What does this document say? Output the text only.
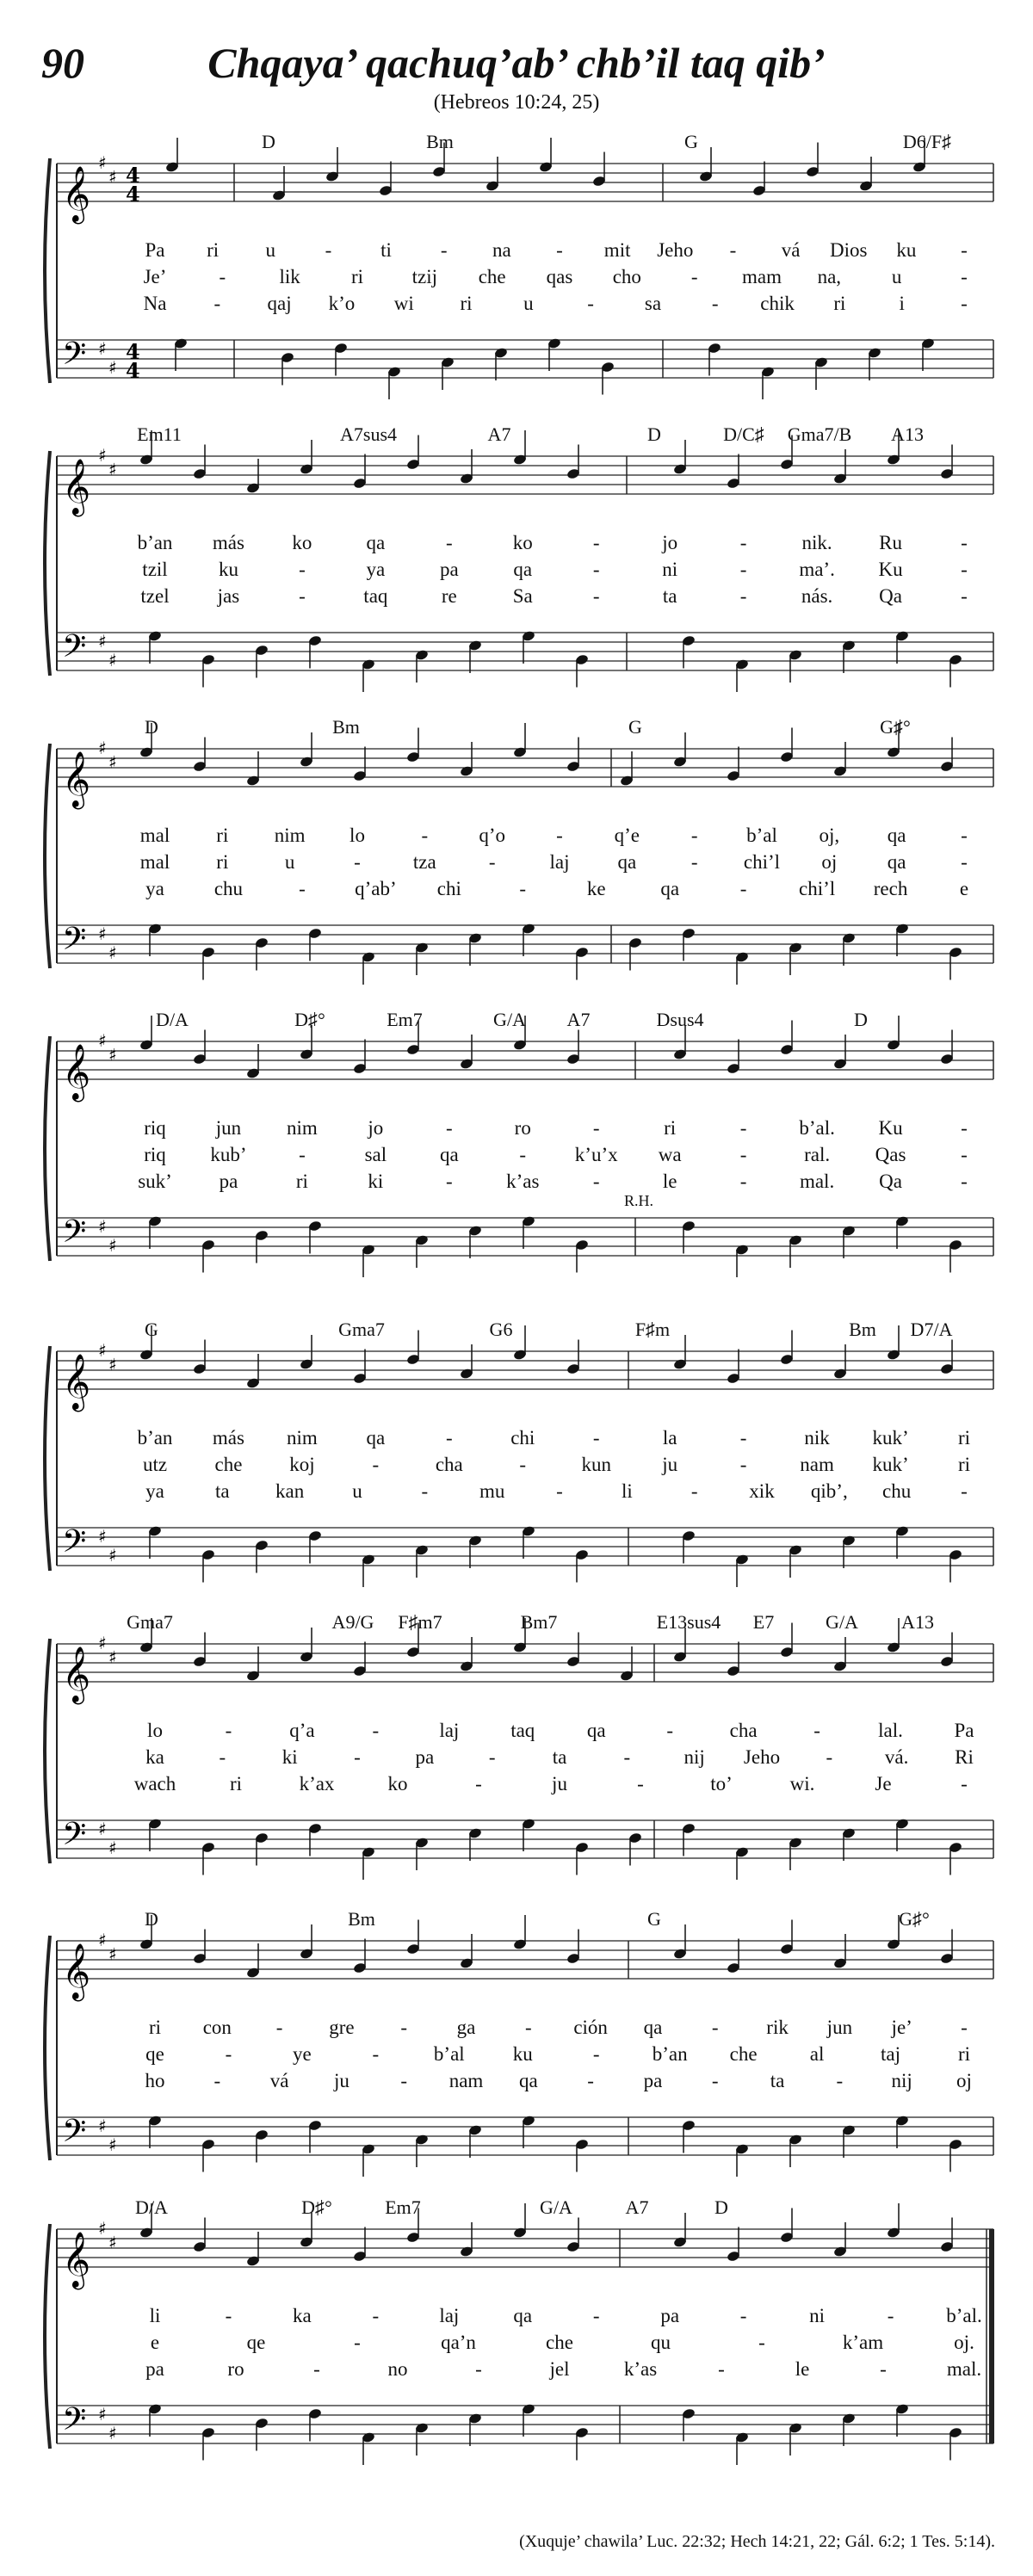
90	Chqaya’ qachuq’ab’ chb’il taq qib’
(Hebreos 10:24, 25)
𝄞
𝄢
♯
♯
♯
♯
4
4
4
4
D	Bm	G	D6/F♯
Pa ri u	- ti - na - mit Jeho - vá Dios ku -
Je’	-	lik	ri tzij che qas cho	- mam na,	u	-
Na - qaj k’o wi ri	u	-	sa	- chik ri	i	-
𝄞
𝄢
♯
♯
♯
♯
Em11	A7sus4	A7	D	D/C♯ Gma7/B A13
b’an más ko	qa	-	ko	-	jo	-	nik. Ru	-
tzil	ku	-	ya	pa	qa	-	ni	-	ma’. Ku	-
tzel jas	-	taq	re	Sa	-	ta	-	nás. Qa	-
𝄞
𝄢
♯
♯
♯
♯
D	Bm	G	G♯°
mal ri nim lo	-	q’o	-	q’e	- b’al oj, qa	-
mal ri	u	-	tza	-	laj qa	- chi’l oj	qa	-
ya	chu	- q’ab’ chi	-	ke	qa	-	chi’l rech	e
𝄞
𝄢
♯
♯
♯
♯
D/A	D♯°	Em7	G/A A7	Dsus4	D
R.H.
riq	jun nim	jo	-	ro	-	ri	-	b’al. Ku	-
riq kub’	-	sal	qa	- k’u’x wa	-	ral. Qas	-
suk’ pa	ri	ki	-	k’as	-	le	-	mal. Qa	-
𝄞
𝄢
♯
♯
♯
♯
G	Gma7	G6	F♯m	Bm D7/A
b’an más nim qa	-	chi	-	la	-	nik kuk’ ri
utz che koj	-	cha	-	kun	ju	-	nam kuk’ ri
ya	ta kan u	-	mu	-	li	-	xik qib’, chu	-
𝄞
𝄢
♯
♯
♯
♯
Gma7	A9/G F♯m7	Bm7	E13sus4 E7	G/A A13
lo	-	q’a	-	laj	taq	qa	-	cha	-	lal.	Pa
ka	-	ki	-	pa	-	ta	-	nij Jeho -	vá. Ri
wach	ri	k’ax	ko	-	ju	-	to’	wi.	Je	-
𝄞
𝄢
♯
♯
♯
♯
D	Bm	G	G♯°
ri con - gre -	ga	- ción qa	- rik jun je’ -
qe	-	ye	-	b’al ku	-	b’an che	al	taj	ri
ho -	vá ju	- nam qa	-	pa	-	ta	- nij oj
𝄞
𝄢
♯
♯
♯
♯
D/A	D♯°	Em7	G/A	A7	D
li	-	ka	-	laj	qa	-	pa	-	ni	-	b’al.
e	qe	-	qa’n	che	qu	-	k’am	oj.
pa	ro	-	no	-	jel	k’as	-	le	-	mal.
(Xuquje’ chawila’ Luc. 22:32; Hech 14:21, 22; Gál. 6:2; 1 Tes. 5:14).
